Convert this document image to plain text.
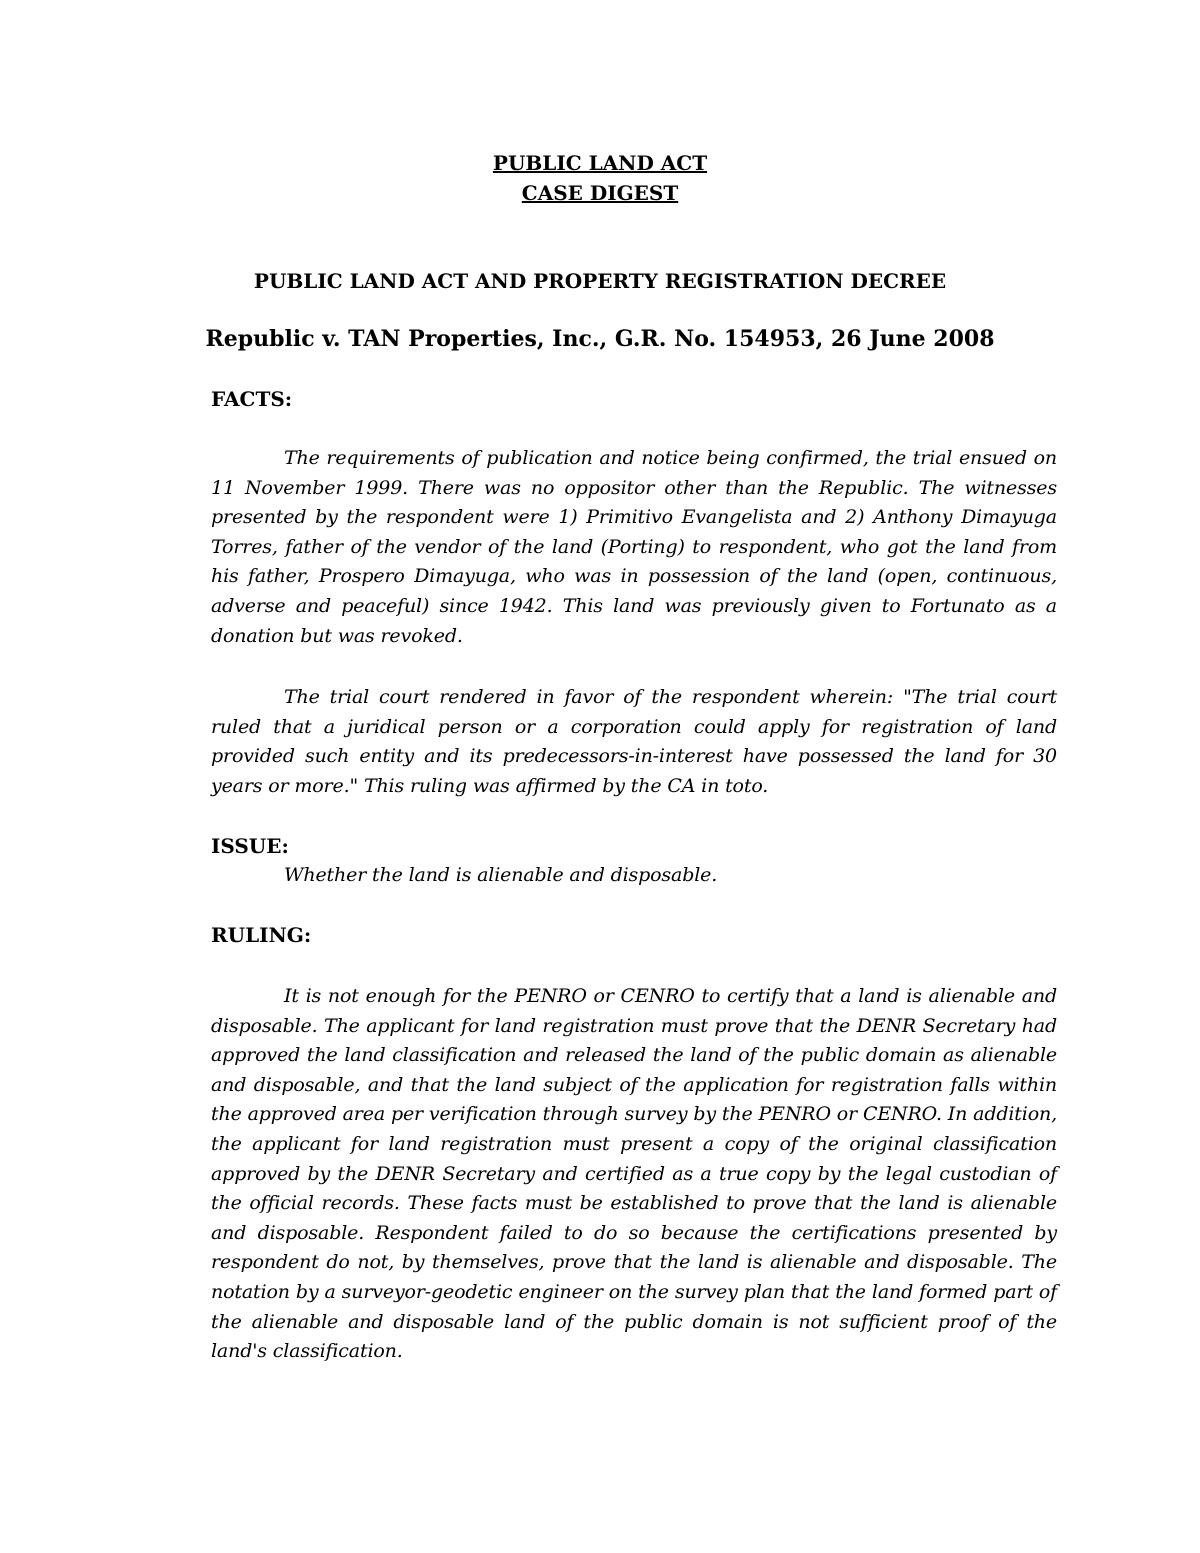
PUBLIC LAND ACT
CASE DIGEST
PUBLIC LAND ACT AND PROPERTY REGISTRATION DECREE
Republic v. TAN Properties, Inc., G.R. No. 154953, 26 June 2008
FACTS:

The requirements of publication and notice being confirmed, the trial ensued on 11 November 1999. There was no oppositor other than the Republic. The witnesses presented by the respondent were 1) Primitivo Evangelista and 2) Anthony Dimayuga Torres, father of the vendor of the land (Porting) to respondent, who got the land from his father, Prospero Dimayuga, who was in possession of the land (open, continuous, adverse and peaceful) since 1942. This land was previously given to Fortunato as a donation but was revoked.

The trial court rendered in favor of the respondent wherein: "The trial court ruled that a juridical person or a corporation could apply for registration of land provided such entity and its predecessors-in-interest have possessed the land for 30 years or more." This ruling was affirmed by the CA in toto.

ISSUE:

Whether the land is alienable and disposable.

RULING:

It is not enough for the PENRO or CENRO to certify that a land is alienable and disposable. The applicant for land registration must prove that the DENR Secretary had approved the land classification and released the land of the public domain as alienable and disposable, and that the land subject of the application for registration falls within the approved area per verification through survey by the PENRO or CENRO. In addition, the applicant for land registration must present a copy of the original classification approved by the DENR Secretary and certified as a true copy by the legal custodian of the official records. These facts must be established to prove that the land is alienable and disposable. Respondent failed to do so because the certifications presented by respondent do not, by themselves, prove that the land is alienable and disposable. The notation by a surveyor-geodetic engineer on the survey plan that the land formed part of the alienable and disposable land of the public domain is not sufficient proof of the land's classification.
